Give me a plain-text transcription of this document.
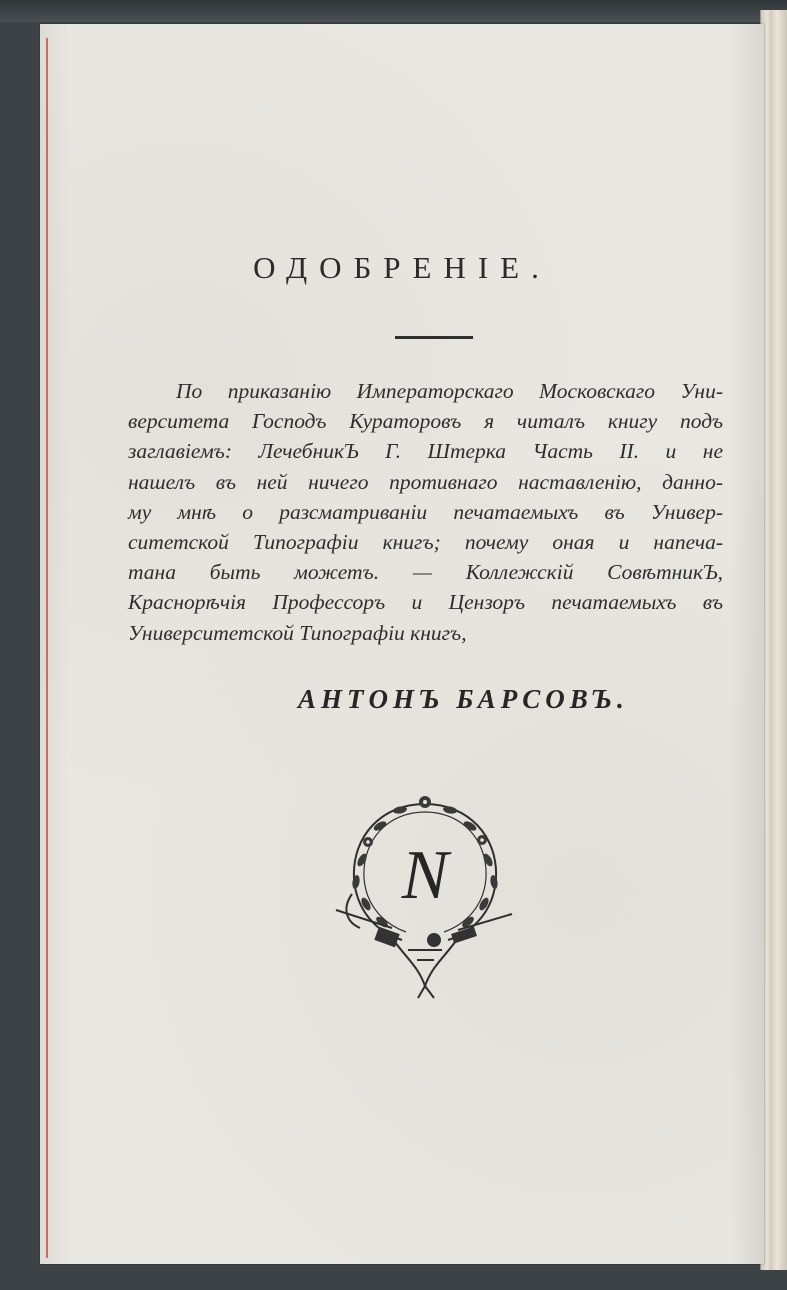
ОДОБРЕНІЕ.
По приказанію Императорскаго Московскаго Уни-
верситета Господъ Кураторовъ я читалъ книгу подъ
заглавіемъ: ЛечебникЪ Г. Штерка Часть II. и не
нашелъ въ ней ничего противнаго наставленію, данно-
му мнѣ о разсматриваніи печатаемыхъ въ Универ-
ситетской Типографіи книгъ; почему оная и напеча-
тана быть можетъ. — Коллежскій СовѣтникЪ,
Краснорѣчія Профессоръ и Цензоръ печатаемыхъ въ
Университетской Типографіи книгъ,
АНТОНЪ БАРСОВЪ.
N
